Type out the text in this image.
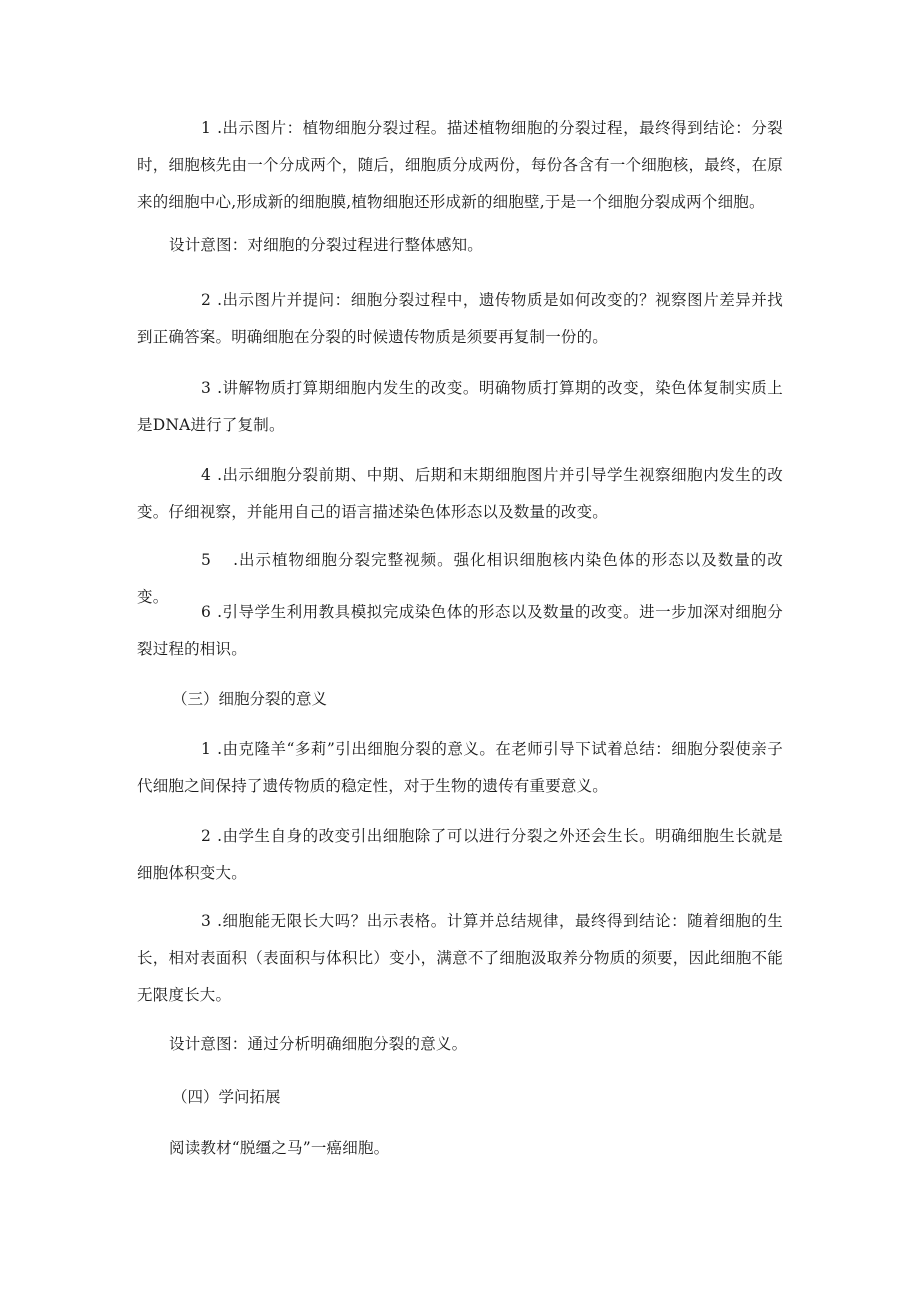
1 .出示图片：植物细胞分裂过程。描述植物细胞的分裂过程，最终得到结论：分裂时，细胞核先由一个分成两个，随后，细胞质分成两份，每份各含有一个细胞核，最终，在原来的细胞中心,形成新的细胞膜,植物细胞还形成新的细胞壁,于是一个细胞分裂成两个细胞。

设计意图：对细胞的分裂过程进行整体感知。

2 .出示图片并提问：细胞分裂过程中，遗传物质是如何改变的？视察图片差异并找到正确答案。明确细胞在分裂的时候遗传物质是须要再复制一份的。

3 .讲解物质打算期细胞内发生的改变。明确物质打算期的改变，染色体复制实质上是DNA进行了复制。

4 .出示细胞分裂前期、中期、后期和末期细胞图片并引导学生视察细胞内发生的改变。仔细视察，并能用自己的语言描述染色体形态以及数量的改变。

5 .出示植物细胞分裂完整视频。强化相识细胞核内染色体的形态以及数量的改变。

6 .引导学生利用教具模拟完成染色体的形态以及数量的改变。进一步加深对细胞分裂过程的相识。

（三）细胞分裂的意义

1 .由克隆羊“多莉”引出细胞分裂的意义。在老师引导下试着总结：细胞分裂使亲子代细胞之间保持了遗传物质的稳定性，对于生物的遗传有重要意义。

2 .由学生自身的改变引出细胞除了可以进行分裂之外还会生长。明确细胞生长就是细胞体积变大。

3 .细胞能无限长大吗？出示表格。计算并总结规律，最终得到结论：随着细胞的生长，相对表面积（表面积与体积比）变小，满意不了细胞汲取养分物质的须要，因此细胞不能无限度长大。

设计意图：通过分析明确细胞分裂的意义。

（四）学问拓展

阅读教材“脱缰之马”一癌细胞。
